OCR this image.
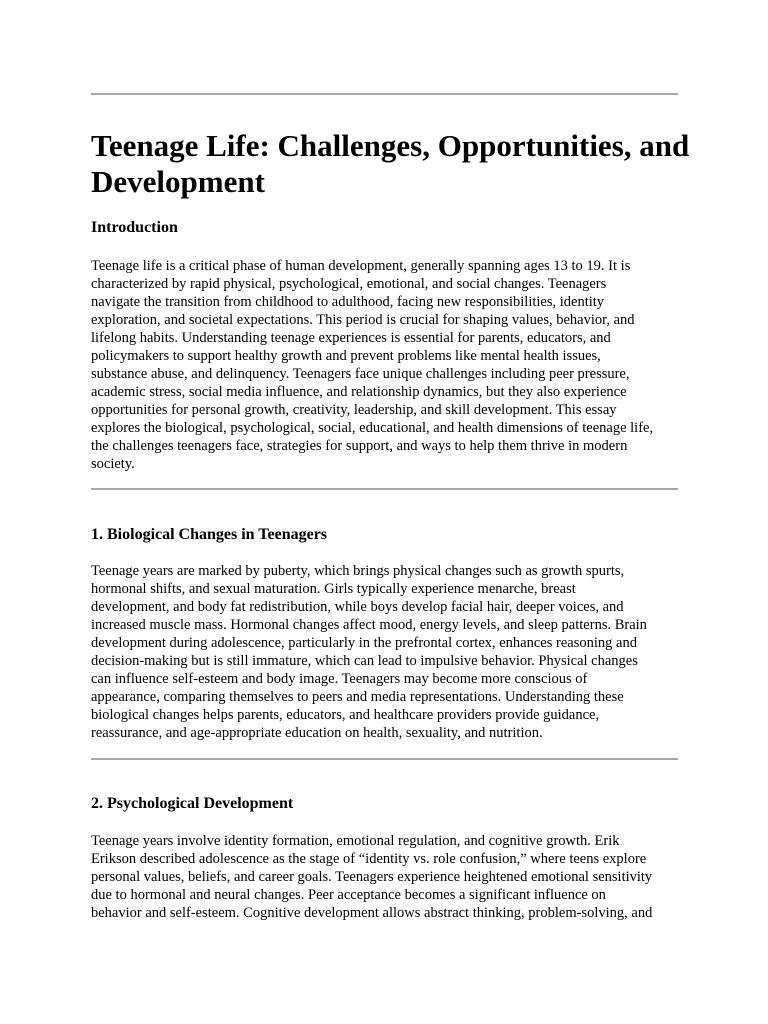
Teenage Life: Challenges, Opportunities, and
Development
Introduction
Teenage life is a critical phase of human development, generally spanning ages 13 to 19. It is
characterized by rapid physical, psychological, emotional, and social changes. Teenagers
navigate the transition from childhood to adulthood, facing new responsibilities, identity
exploration, and societal expectations. This period is crucial for shaping values, behavior, and
lifelong habits. Understanding teenage experiences is essential for parents, educators, and
policymakers to support healthy growth and prevent problems like mental health issues,
substance abuse, and delinquency. Teenagers face unique challenges including peer pressure,
academic stress, social media influence, and relationship dynamics, but they also experience
opportunities for personal growth, creativity, leadership, and skill development. This essay
explores the biological, psychological, social, educational, and health dimensions of teenage life,
the challenges teenagers face, strategies for support, and ways to help them thrive in modern
society.
1. Biological Changes in Teenagers
Teenage years are marked by puberty, which brings physical changes such as growth spurts,
hormonal shifts, and sexual maturation. Girls typically experience menarche, breast
development, and body fat redistribution, while boys develop facial hair, deeper voices, and
increased muscle mass. Hormonal changes affect mood, energy levels, and sleep patterns. Brain
development during adolescence, particularly in the prefrontal cortex, enhances reasoning and
decision-making but is still immature, which can lead to impulsive behavior. Physical changes
can influence self-esteem and body image. Teenagers may become more conscious of
appearance, comparing themselves to peers and media representations. Understanding these
biological changes helps parents, educators, and healthcare providers provide guidance,
reassurance, and age-appropriate education on health, sexuality, and nutrition.
2. Psychological Development
Teenage years involve identity formation, emotional regulation, and cognitive growth. Erik
Erikson described adolescence as the stage of “identity vs. role confusion,” where teens explore
personal values, beliefs, and career goals. Teenagers experience heightened emotional sensitivity
due to hormonal and neural changes. Peer acceptance becomes a significant influence on
behavior and self-esteem. Cognitive development allows abstract thinking, problem-solving, and
